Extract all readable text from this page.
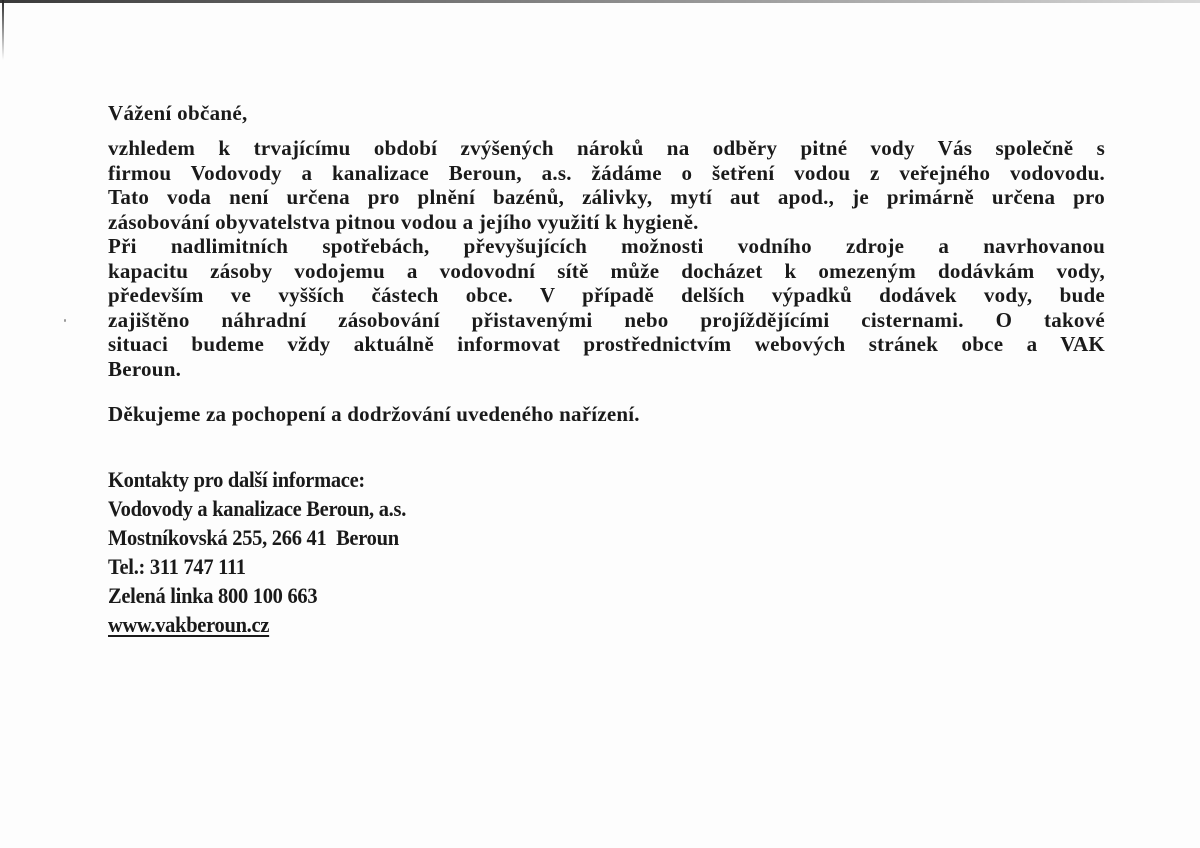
Vážení občané,

vzhledem k trvajícímu období zvýšených nároků na odběry pitné vody Vás společně s
firmou Vodovody a kanalizace Beroun, a.s. žádáme o šetření vodou z veřejného vodovodu.
Tato voda není určena pro plnění bazénů, zálivky, mytí aut apod., je primárně určena pro
zásobování obyvatelstva pitnou vodou a jejího využití k hygieně.
Při nadlimitních spotřebách, převyšujících možnosti vodního zdroje a navrhovanou
kapacitu zásoby vodojemu a vodovodní sítě může docházet k omezeným dodávkám vody,
především ve vyšších částech obce. V případě delších výpadků dodávek vody, bude
zajištěno náhradní zásobování přistavenými nebo projíždějícími cisternami. O takové
situaci budeme vždy aktuálně informovat prostřednictvím webových stránek obce a VAK
Beroun.

Děkujeme za pochopení a dodržování uvedeného nařízení.

Kontakty pro další informace:
Vodovody a kanalizace Beroun, a.s.
Mostníkovská 255, 266 41  Beroun
Tel.: 311 747 111
Zelená linka 800 100 663
www.vakberoun.cz
